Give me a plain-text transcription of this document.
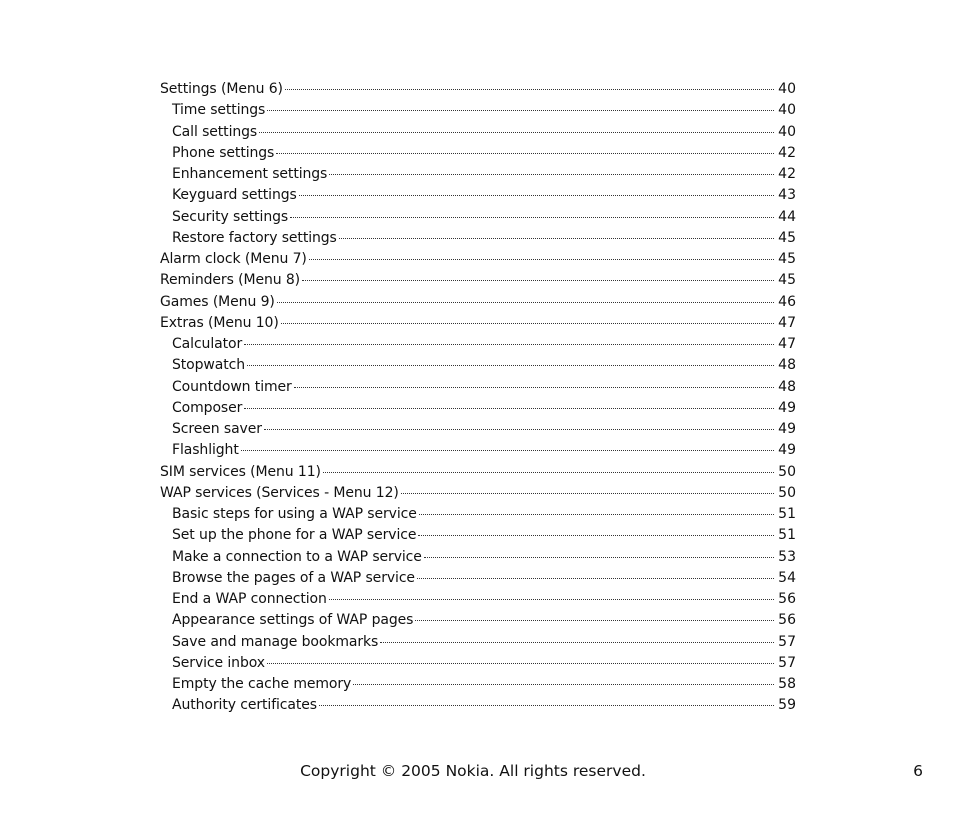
Settings (Menu 6)	40
Time settings	40
Call settings	40
Phone settings	42
Enhancement settings	42
Keyguard settings	43
Security settings	44
Restore factory settings	45
Alarm clock (Menu 7)	45
Reminders (Menu 8)	45
Games (Menu 9)	46
Extras (Menu 10)	47
Calculator	47
Stopwatch	48
Countdown timer	48
Composer	49
Screen saver	49
Flashlight	49
SIM services (Menu 11)	50
WAP services (Services - Menu 12)	50
Basic steps for using a WAP service	51
Set up the phone for a WAP service	51
Make a connection to a WAP service	53
Browse the pages of a WAP service	54
End a WAP connection	56
Appearance settings of WAP pages	56
Save and manage bookmarks	57
Service inbox	57
Empty the cache memory	58
Authority certificates	59
Copyright © 2005 Nokia. All rights reserved.	6
